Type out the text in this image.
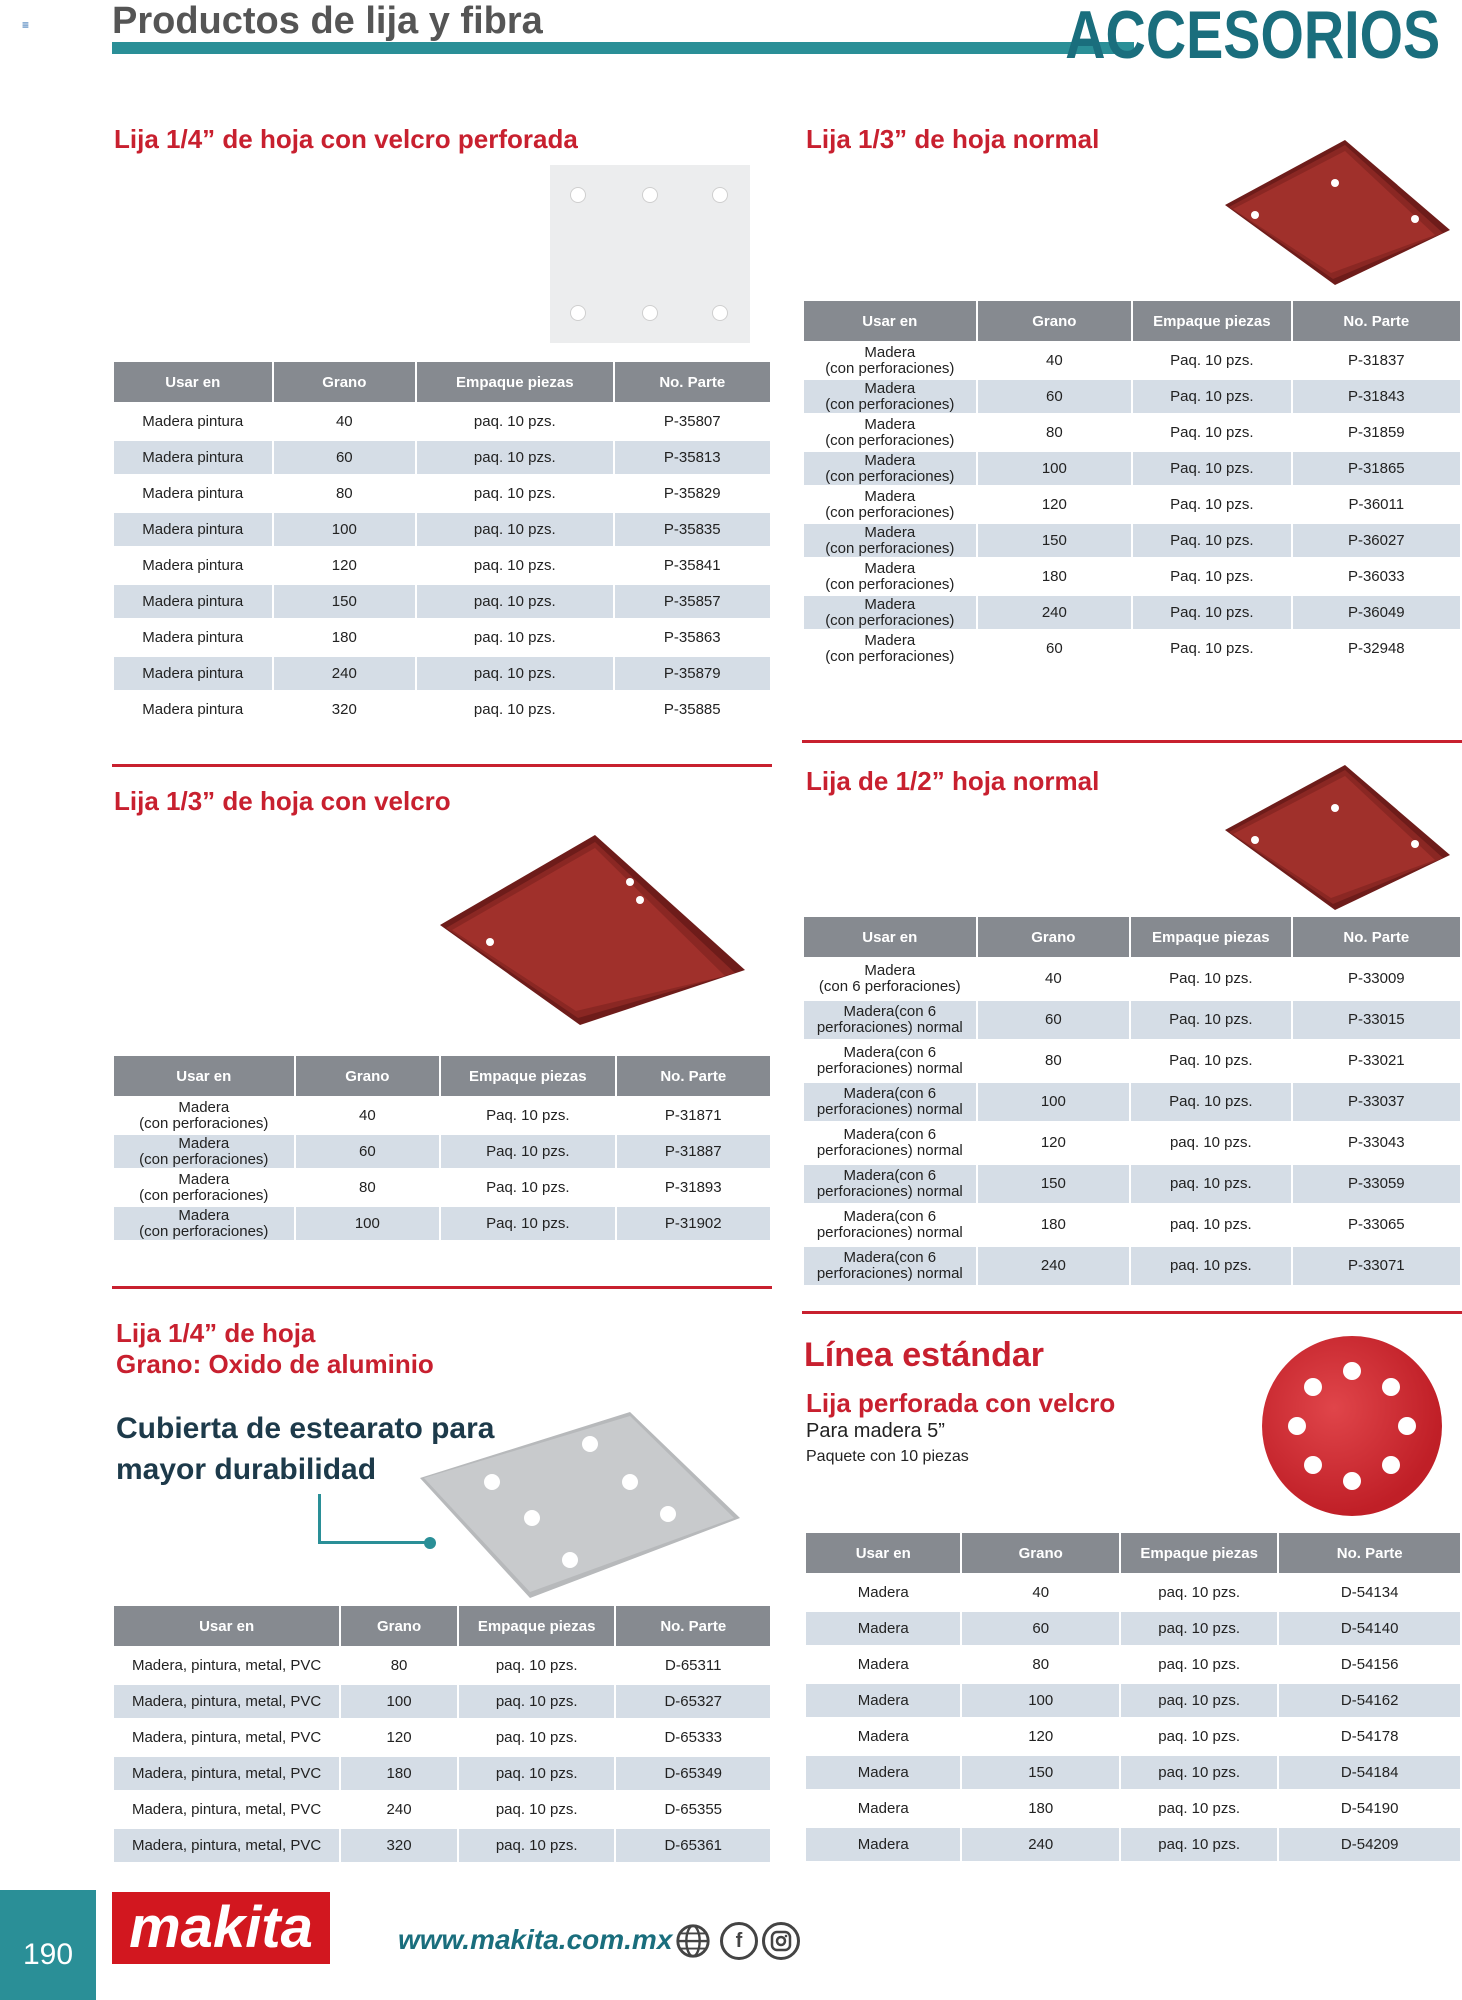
≡ Productos de lija y fibra	ACCESORIOS
Lija 1/4” de hoja con velcro perforada
Usar en	Grano	Empaque piezas	No. Parte
Madera pintura	40	paq. 10 pzs.	P-35807
Madera pintura	60	paq. 10 pzs.	P-35813
Madera pintura	80	paq. 10 pzs.	P-35829
Madera pintura	100	paq. 10 pzs.	P-35835
Madera pintura	120	paq. 10 pzs.	P-35841
Madera pintura	150	paq. 10 pzs.	P-35857
Madera pintura	180	paq. 10 pzs.	P-35863
Madera pintura	240	paq. 10 pzs.	P-35879
Madera pintura	320	paq. 10 pzs.	P-35885
Lija 1/3” de hoja normal
Usar en	Grano	Empaque piezas	No. Parte
Madera
(con perforaciones)	40	Paq. 10 pzs.	P-31837
Madera
(con perforaciones)	60	Paq. 10 pzs.	P-31843
Madera
(con perforaciones)	80	Paq. 10 pzs.	P-31859
Madera
(con perforaciones)	100	Paq. 10 pzs.	P-31865
Madera
(con perforaciones)	120	Paq. 10 pzs.	P-36011
Madera
(con perforaciones)	150	Paq. 10 pzs.	P-36027
Madera
(con perforaciones)	180	Paq. 10 pzs.	P-36033
Madera
(con perforaciones)	240	Paq. 10 pzs.	P-36049
Madera
(con perforaciones)	60	Paq. 10 pzs.	P-32948
Lija 1/3” de hoja con velcro
Usar en	Grano	Empaque piezas	No. Parte
Madera
(con perforaciones)	40	Paq. 10 pzs.	P-31871
Madera
(con perforaciones)	60	Paq. 10 pzs.	P-31887
Madera
(con perforaciones)	80	Paq. 10 pzs.	P-31893
Madera
(con perforaciones)	100	Paq. 10 pzs.	P-31902
Lija de 1/2” hoja normal
Usar en	Grano	Empaque piezas	No. Parte
Madera
(con 6 perforaciones)	40	Paq. 10 pzs.	P-33009
Madera(con 6
perforaciones) normal	60	Paq. 10 pzs.	P-33015
Madera(con 6
perforaciones) normal	80	Paq. 10 pzs.	P-33021
Madera(con 6
perforaciones) normal	100	Paq. 10 pzs.	P-33037
Madera(con 6
perforaciones) normal	120	paq. 10 pzs.	P-33043
Madera(con 6
perforaciones) normal	150	paq. 10 pzs.	P-33059
Madera(con 6
perforaciones) normal	180	paq. 10 pzs.	P-33065
Madera(con 6
perforaciones) normal	240	paq. 10 pzs.	P-33071
Lija 1/4” de hoja
Grano: Oxido de aluminio
Cubierta de estearato para
mayor durabilidad
Usar en	Grano	Empaque piezas	No. Parte
Madera, pintura, metal, PVC	80	paq. 10 pzs.	D-65311
Madera, pintura, metal, PVC	100	paq. 10 pzs.	D-65327
Madera, pintura, metal, PVC	120	paq. 10 pzs.	D-65333
Madera, pintura, metal, PVC	180	paq. 10 pzs.	D-65349
Madera, pintura, metal, PVC	240	paq. 10 pzs.	D-65355
Madera, pintura, metal, PVC	320	paq. 10 pzs.	D-65361
Línea estándar
Lija perforada con velcro
Para madera 5”
Paquete con 10 piezas
Usar en	Grano	Empaque piezas	No. Parte
Madera	40	paq. 10 pzs.	D-54134
Madera	60	paq. 10 pzs.	D-54140
Madera	80	paq. 10 pzs.	D-54156
Madera	100	paq. 10 pzs.	D-54162
Madera	120	paq. 10 pzs.	D-54178
Madera	150	paq. 10 pzs.	D-54184
Madera	180	paq. 10 pzs.	D-54190
Madera	240	paq. 10 pzs.	D-54209
190 makita	www.makita.com.mx	f
